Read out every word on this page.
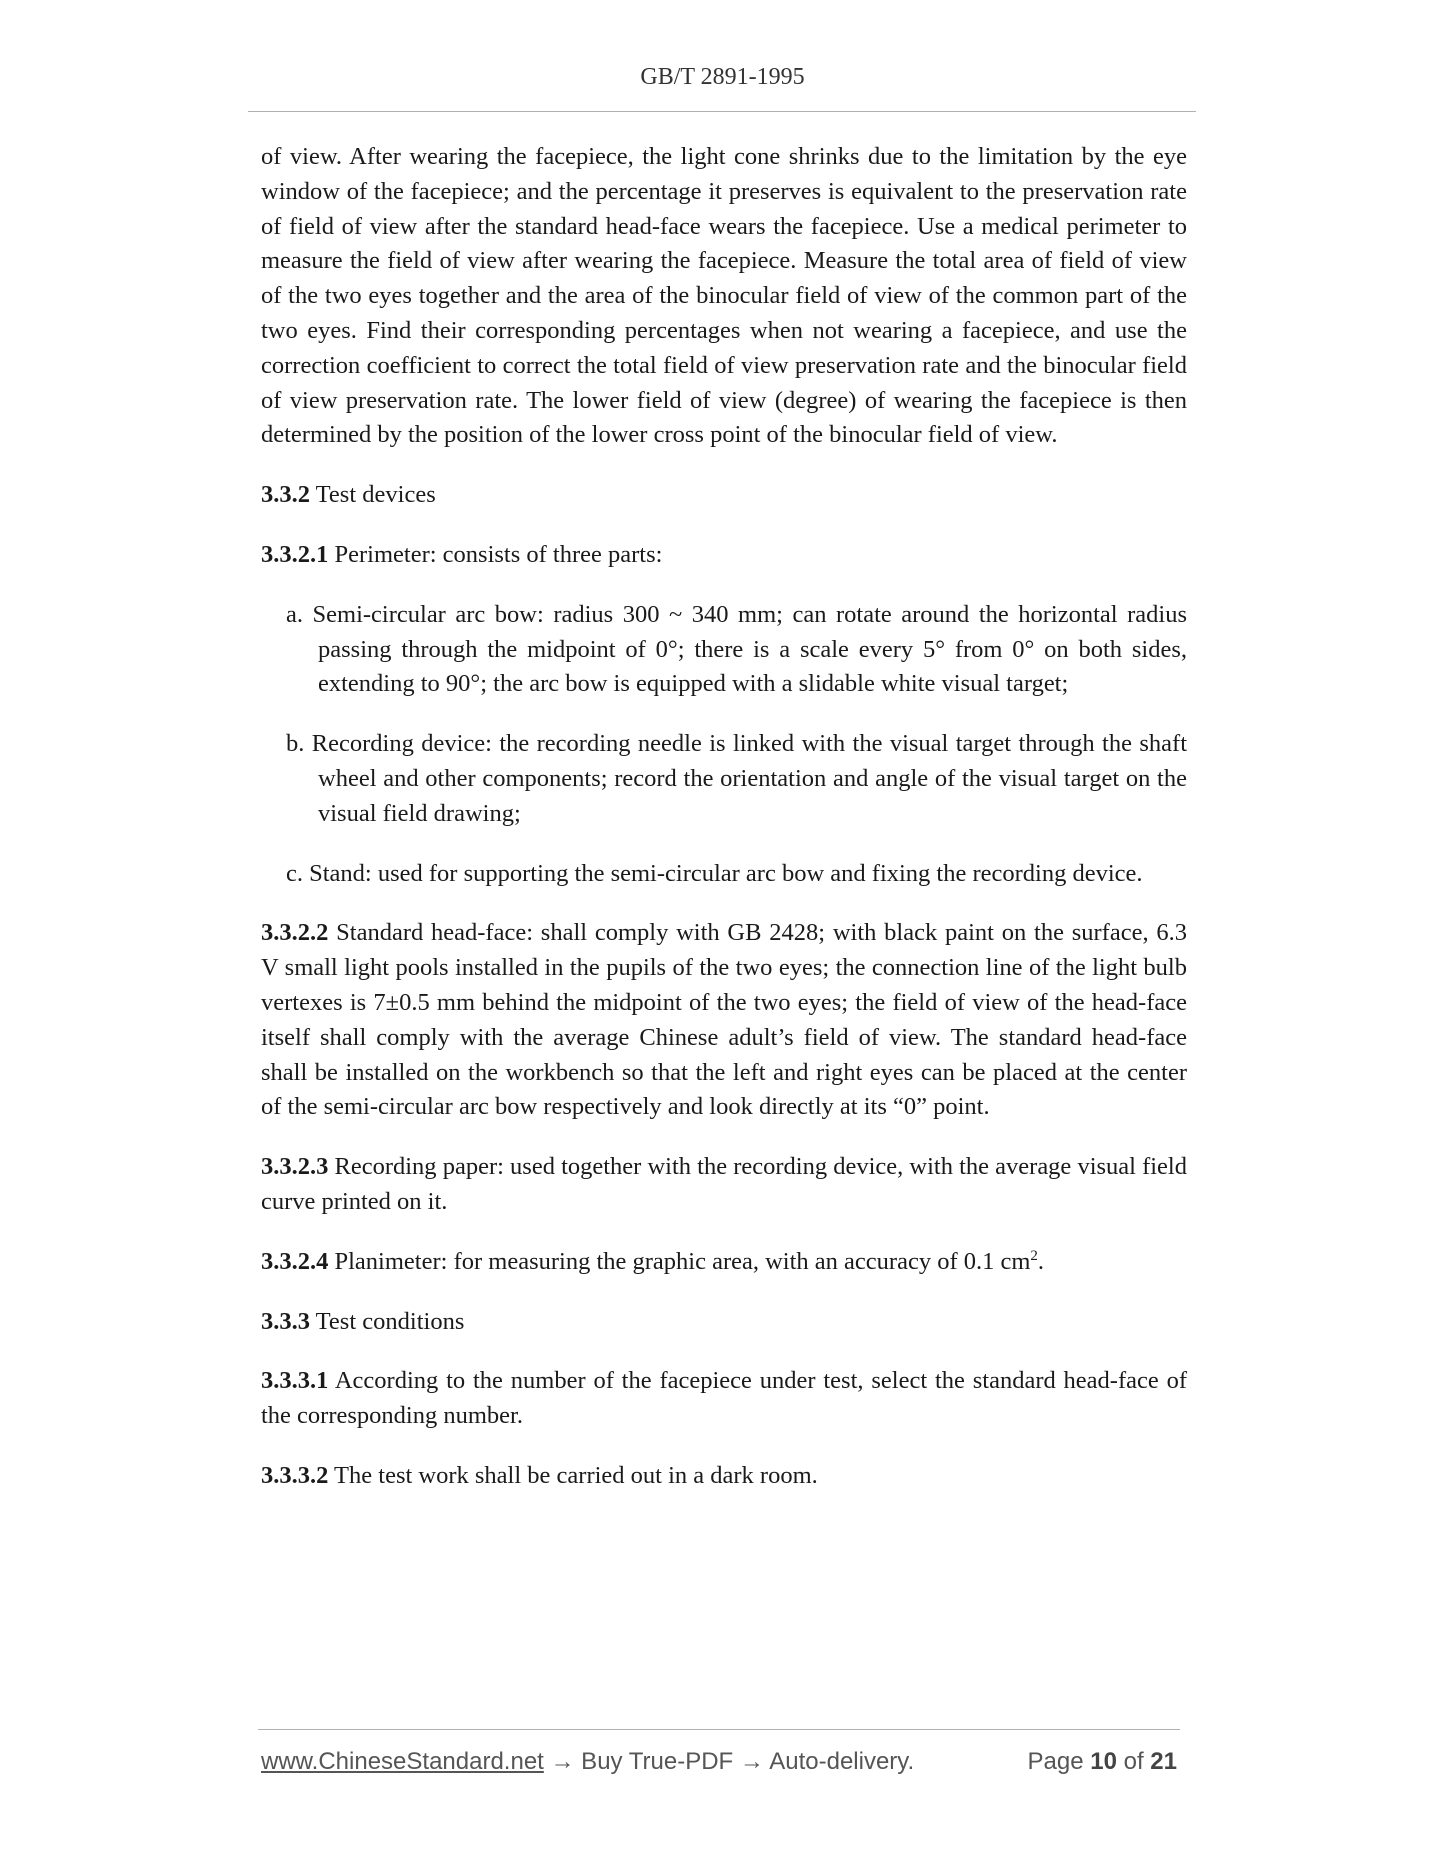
GB/T 2891-1995

of view. After wearing the facepiece, the light cone shrinks due to the limitation by the eye window of the facepiece; and the percentage it preserves is equivalent to the preservation rate of field of view after the standard head-face wears the facepiece. Use a medical perimeter to measure the field of view after wearing the facepiece. Measure the total area of field of view of the two eyes together and the area of the binocular field of view of the common part of the two eyes. Find their corresponding percentages when not wearing a facepiece, and use the correction coefficient to correct the total field of view preservation rate and the binocular field of view preservation rate. The lower field of view (degree) of wearing the facepiece is then determined by the position of the lower cross point of the binocular field of view.

3.3.2 Test devices

3.3.2.1 Perimeter: consists of three parts:

a. Semi-circular arc bow: radius 300 ~ 340 mm; can rotate around the horizontal radius passing through the midpoint of 0°; there is a scale every 5° from 0° on both sides, extending to 90°; the arc bow is equipped with a slidable white visual target;

b. Recording device: the recording needle is linked with the visual target through the shaft wheel and other components; record the orientation and angle of the visual target on the visual field drawing;

c. Stand: used for supporting the semi-circular arc bow and fixing the recording device.

3.3.2.2 Standard head-face: shall comply with GB 2428; with black paint on the surface, 6.3 V small light pools installed in the pupils of the two eyes; the connection line of the light bulb vertexes is 7±0.5 mm behind the midpoint of the two eyes; the field of view of the head-face itself shall comply with the average Chinese adult’s field of view. The standard head-face shall be installed on the workbench so that the left and right eyes can be placed at the center of the semi-circular arc bow respectively and look directly at its “0” point.

3.3.2.3 Recording paper: used together with the recording device, with the average visual field curve printed on it.

3.3.2.4 Planimeter: for measuring the graphic area, with an accuracy of 0.1 $cm^2$.

3.3.3 Test conditions

3.3.3.1 According to the number of the facepiece under test, select the standard head-face of the corresponding number.

3.3.3.2 The test work shall be carried out in a dark room.

www.ChineseStandard.net → Buy True-PDF → Auto-delivery.	Page 10 of 21
